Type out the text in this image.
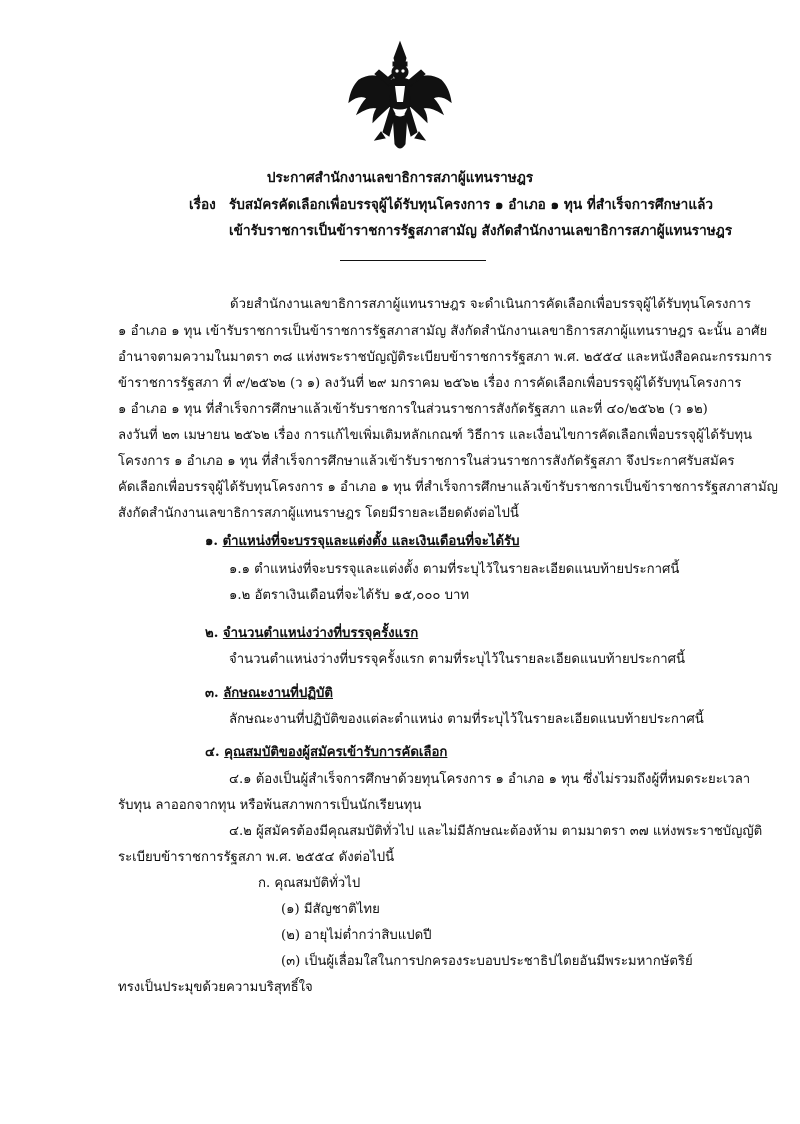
ประกาศสำนักงานเลขาธิการสภาผู้แทนราษฎร
เรื่อง รับสมัครคัดเลือกเพื่อบรรจุผู้ได้รับทุนโครงการ ๑ อำเภอ ๑ ทุน ที่สำเร็จการศึกษาแล้ว
เข้ารับราชการเป็นข้าราชการรัฐสภาสามัญ สังกัดสำนักงานเลขาธิการสภาผู้แทนราษฎร
ด้วยสำนักงานเลขาธิการสภาผู้แทนราษฎร จะดำเนินการคัดเลือกเพื่อบรรจุผู้ได้รับทุนโครงการ
๑ อำเภอ ๑ ทุน เข้ารับราชการเป็นข้าราชการรัฐสภาสามัญ สังกัดสำนักงานเลขาธิการสภาผู้แทนราษฎร ฉะนั้น อาศัย
อำนาจตามความในมาตรา ๓๘ แห่งพระราชบัญญัติระเบียบข้าราชการรัฐสภา พ.ศ. ๒๕๕๔ และหนังสือคณะกรรมการ
ข้าราชการรัฐสภา ที่ ๙/๒๕๖๒ (ว ๑) ลงวันที่ ๒๙ มกราคม ๒๕๖๒ เรื่อง การคัดเลือกเพื่อบรรจุผู้ได้รับทุนโครงการ
๑ อำเภอ ๑ ทุน ที่สำเร็จการศึกษาแล้วเข้ารับราชการในส่วนราชการสังกัดรัฐสภา และที่ ๔๐/๒๕๖๒ (ว ๑๒)
ลงวันที่ ๒๓ เมษายน ๒๕๖๒ เรื่อง การแก้ไขเพิ่มเติมหลักเกณฑ์ วิธีการ และเงื่อนไขการคัดเลือกเพื่อบรรจุผู้ได้รับทุน
โครงการ ๑ อำเภอ ๑ ทุน ที่สำเร็จการศึกษาแล้วเข้ารับราชการในส่วนราชการสังกัดรัฐสภา จึงประกาศรับสมัคร
คัดเลือกเพื่อบรรจุผู้ได้รับทุนโครงการ ๑ อำเภอ ๑ ทุน ที่สำเร็จการศึกษาแล้วเข้ารับราชการเป็นข้าราชการรัฐสภาสามัญ
สังกัดสำนักงานเลขาธิการสภาผู้แทนราษฎร โดยมีรายละเอียดดังต่อไปนี้
๑. ตำแหน่งที่จะบรรจุและแต่งตั้ง และเงินเดือนที่จะได้รับ
๑.๑ ตำแหน่งที่จะบรรจุและแต่งตั้ง ตามที่ระบุไว้ในรายละเอียดแนบท้ายประกาศนี้
๑.๒ อัตราเงินเดือนที่จะได้รับ ๑๕,๐๐๐ บาท
๒. จำนวนตำแหน่งว่างที่บรรจุครั้งแรก
จำนวนตำแหน่งว่างที่บรรจุครั้งแรก ตามที่ระบุไว้ในรายละเอียดแนบท้ายประกาศนี้
๓. ลักษณะงานที่ปฏิบัติ
ลักษณะงานที่ปฏิบัติของแต่ละตำแหน่ง ตามที่ระบุไว้ในรายละเอียดแนบท้ายประกาศนี้
๔. คุณสมบัติของผู้สมัครเข้ารับการคัดเลือก
๔.๑ ต้องเป็นผู้สำเร็จการศึกษาด้วยทุนโครงการ ๑ อำเภอ ๑ ทุน ซึ่งไม่รวมถึงผู้ที่หมดระยะเวลา
รับทุน ลาออกจากทุน หรือพ้นสภาพการเป็นนักเรียนทุน
๔.๒ ผู้สมัครต้องมีคุณสมบัติทั่วไป และไม่มีลักษณะต้องห้าม ตามมาตรา ๓๗ แห่งพระราชบัญญัติ
ระเบียบข้าราชการรัฐสภา พ.ศ. ๒๕๕๔ ดังต่อไปนี้
ก. คุณสมบัติทั่วไป
(๑) มีสัญชาติไทย
(๒) อายุไม่ต่ำกว่าสิบแปดปี
(๓) เป็นผู้เลื่อมใสในการปกครองระบอบประชาธิปไตยอันมีพระมหากษัตริย์
ทรงเป็นประมุขด้วยความบริสุทธิ์ใจ
